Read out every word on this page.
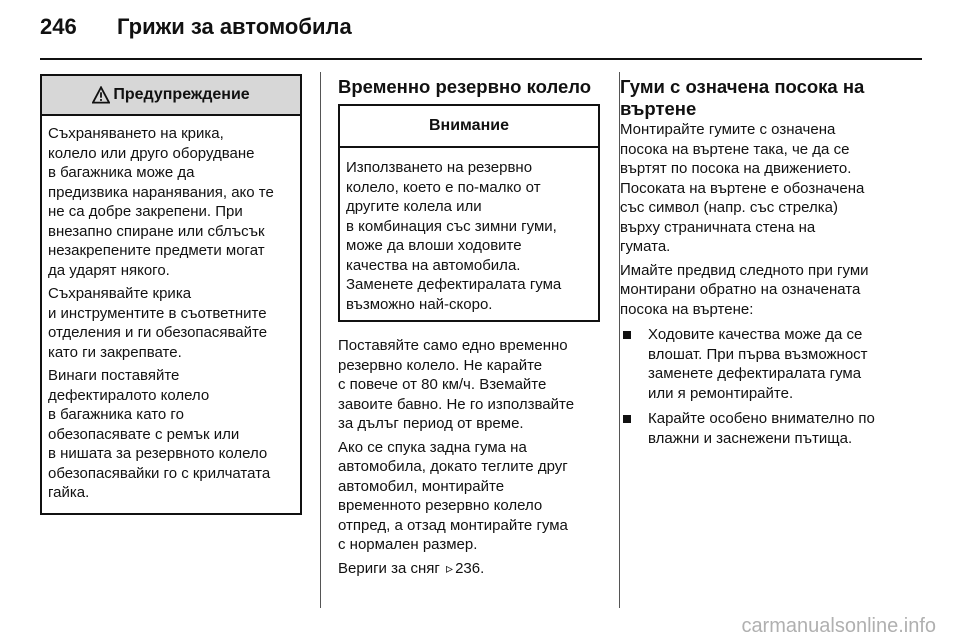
246 Грижи за автомобила
Предупреждение

Съхраняването на крика,
колело или друго оборудване
в багажника може да
предизвика наранявания, ако те
не са добре закрепени. При
внезапно спиране или сблъсък
незакрепените предмети могат
да ударят някого.

Съхранявайте крика
и инструментите в съответните
отделения и ги обезопасявайте
като ги закрепвате.

Винаги поставяйте
дефектиралото колело
в багажника като го
обезопасявате с ремък или
в нишата за резервното колело
обезопасявайки го с крилчатата
гайка.

Временно резервно колело
Внимание

Използването на резервно
колело, което е по-малко от
другите колела или
в комбинация със зимни гуми,
може да влоши ходовите
качества на автомобила.
Заменете дефектиралата гума
възможно най-скоро.

Поставяйте само едно временно
резервно колело. Не карайте
с повече от 80 км/ч. Вземайте
завоите бавно. Не го използвайте
за дълъг период от време.

Ако се спука задна гума на
автомобила, докато теглите друг
автомобил, монтирайте
временното резервно колело
отпред, а отзад монтирайте гума
с нормален размер.

Вериги за сняг ▹ 236.

Гуми с означена посока на
въртене

Монтирайте гумите с означена
посока на въртене така, че да се
въртят по посока на движението.
Посоката на въртене е обозначена
със символ (напр. със стрелка)
върху страничната стена на
гумата.

Имайте предвид следното при гуми
монтирани обратно на означената
посока на въртене:

Ходовите качества може да се
влошат. При първа възможност
заменете дефектиралата гума
или я ремонтирайте.
Карайте особено внимателно по
влажни и заснежени пътища.
carmanualsonline.info
